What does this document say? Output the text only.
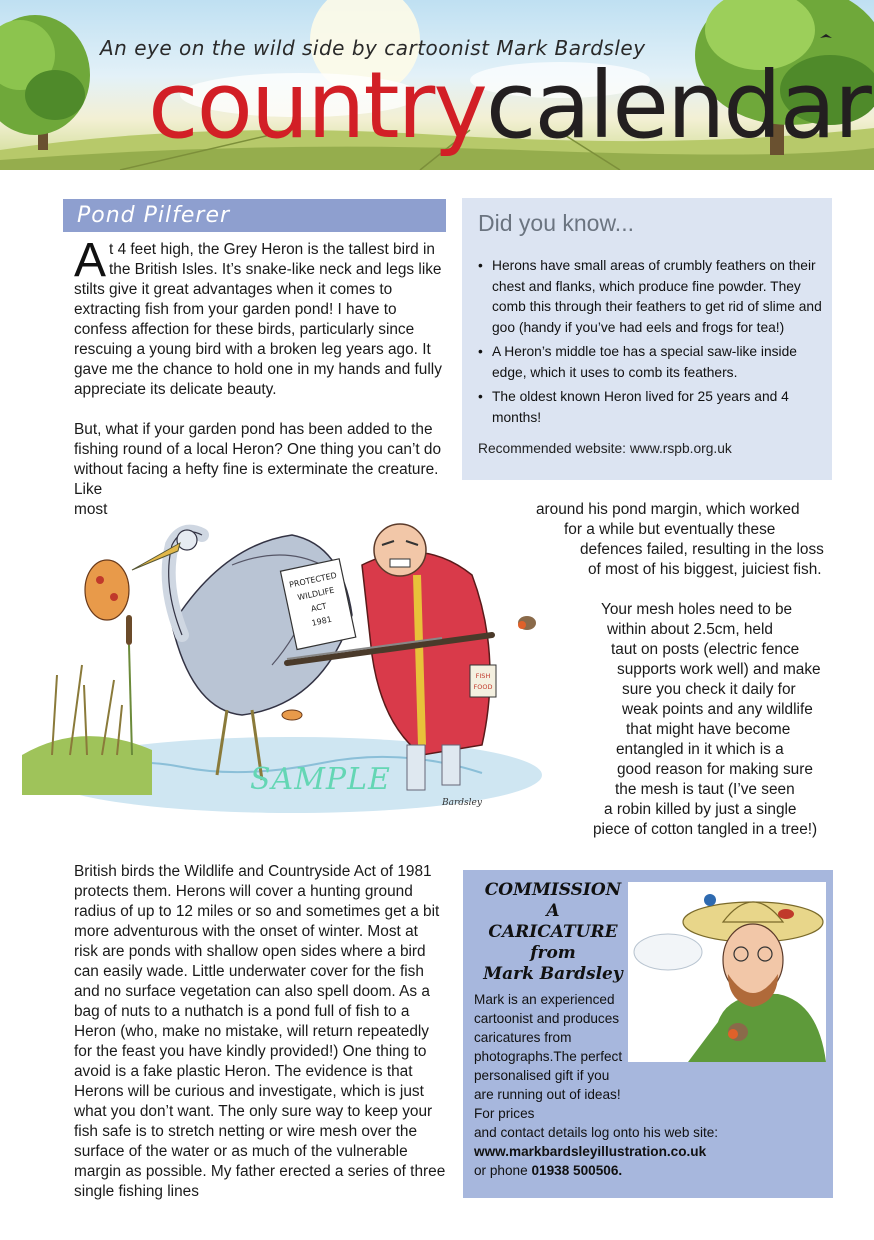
An eye on the wild side by cartoonist Mark Bardsley
countrycalendar
Pond Pilferer
At 4 feet high, the Grey Heron is the tallest bird in the British Isles. It’s snake-like neck and legs like stilts give it great advantages when it comes to extracting fish from your garden pond! I have to confess affection for these birds, particularly since rescuing a young bird with a broken leg years ago. It gave me the chance to hold one in my hands and fully appreciate its delicate beauty.
But, what if your garden pond has been added to the fishing round of a local Heron? One thing you can’t do without facing a hefty fine is exterminate the creature. Like
most
Did you know...
• Herons have small areas of crumbly feathers on their chest and flanks, which produce fine powder. They comb this through their feathers to get rid of slime and goo (handy if you’ve had eels and frogs for tea!)
• A Heron’s middle toe has a special saw-like inside edge, which it uses to comb its feathers.
• The oldest known Heron lived for 25 years and 4 months!
Recommended website: www.rspb.org.uk
around his pond margin, which worked
for a while but eventually these
defences failed, resulting in the loss
of most of his biggest, juiciest fish.
Your mesh holes need to be
within about 2.5cm, held
taut on posts (electric fence
supports work well) and make
sure you check it daily for
weak points and any wildlife
that might have become
entangled in it which is a
good reason for making sure
the mesh is taut (I’ve seen
a robin killed by just a single
piece of cotton tangled in a tree!)
PROTECTED
WILDLIFE
ACT
1981
FISH
FOOD
Bardsley
SAMPLE
British birds the Wildlife and Countryside Act of 1981 protects them. Herons will cover a hunting ground radius of up to 12 miles or so and sometimes get a bit more adventurous with the onset of winter. Most at risk are ponds with shallow open sides where a bird can easily wade. Little underwater cover for the fish and no surface vegetation can also spell doom. As a bag of nuts to a nuthatch is a pond full of fish to a Heron (who, make no mistake, will return repeatedly for the feast you have kindly provided!) One thing to avoid is a fake plastic Heron. The evidence is that Herons will be curious and investigate, which is just what you don’t want. The only sure way to keep your fish safe is to stretch netting or wire mesh over the surface of the water or as much of the vulnerable margin as possible. My father erected a series of three single fishing lines
COMMISSION
A
CARICATURE
from
Mark Bardsley
Mark is an experienced cartoonist and produces caricatures from photographs.The perfect personalised gift if you are running out of ideas! For prices
and contact details log onto his web site:
www.markbardsleyillustration.co.uk
or phone 01938 500506.
